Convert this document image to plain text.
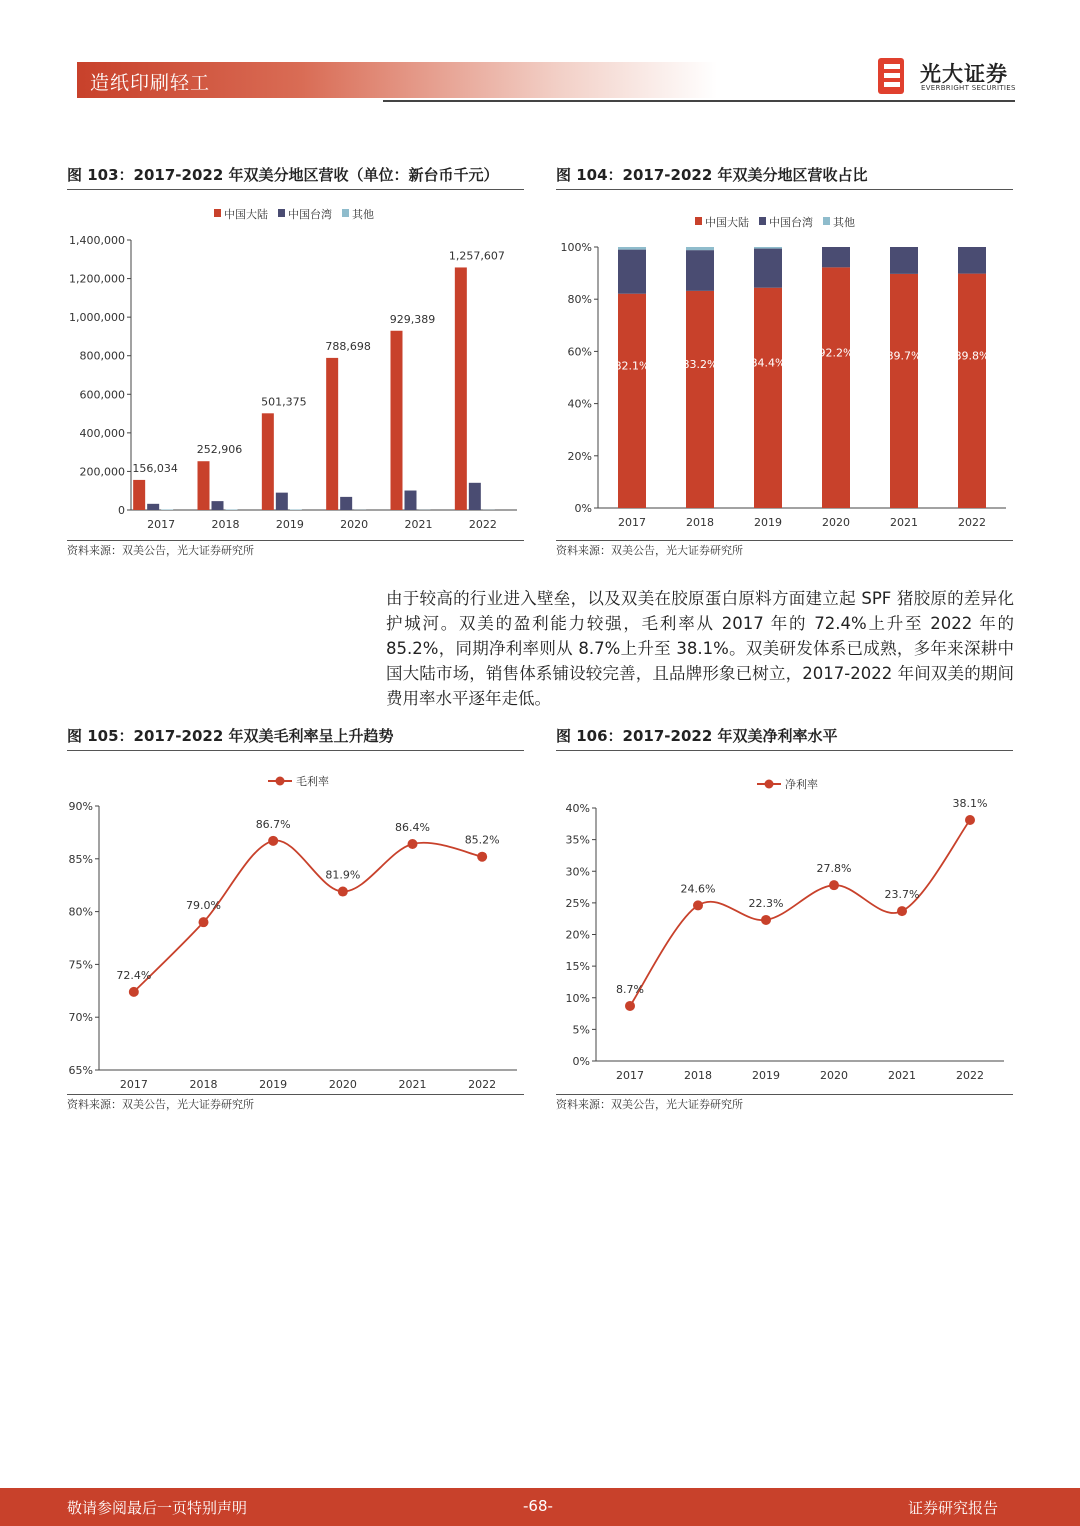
造纸印刷轻工	光大证券
EVERBRIGHT SECURITIES
图 103：2017-2022 年双美分地区营收（单位：新台币千元）
中国大陆 中国台湾 其他
0
200,000
400,000
600,000
800,000
1,000,000
1,200,000
1,400,000
156,034
2017
252,906
2018
501,375
2019
788,698
2020
929,389
2021
1,257,607
2022
资料来源：双美公告，光大证券研究所
图 104：2017-2022 年双美分地区营收占比
中国大陆 中国台湾 其他
0%
20%
40%
60%
80%
100%
82.1%
2017
83.2%
2018
84.4%
2019
92.2%
2020
89.7%
2021
89.8%
2022
资料来源：双美公告，光大证券研究所
由于较高的行业进入壁垒，以及双美在胶原蛋白原料方面建立起 SPF 猪胶原的差异化护城河。双美的盈利能力较强，毛利率从 2017 年的 72.4%上升至 2022 年的 85.2%，同期净利率则从 8.7%上升至 38.1%。双美研发体系已成熟，多年来深耕中国大陆市场，销售体系铺设较完善，且品牌形象已树立，2017-2022 年间双美的期间费用率水平逐年走低。
图 105：2017-2022 年双美毛利率呈上升趋势
毛利率
65%
70%
75%
80%
85%
90%
72.4%
2017
79.0%
2018
86.7%
2019
81.9%
2020
86.4%
2021
85.2%
2022
资料来源：双美公告，光大证券研究所
图 106：2017-2022 年双美净利率水平
净利率
0%
5%
10%
15%
20%
25%
30%
35%
40%
8.7%
2017
24.6%
2018
22.3%
2019
27.8%
2020
23.7%
2021
38.1%
2022
资料来源：双美公告，光大证券研究所
敬请参阅最后一页特别声明	-68-	证券研究报告
